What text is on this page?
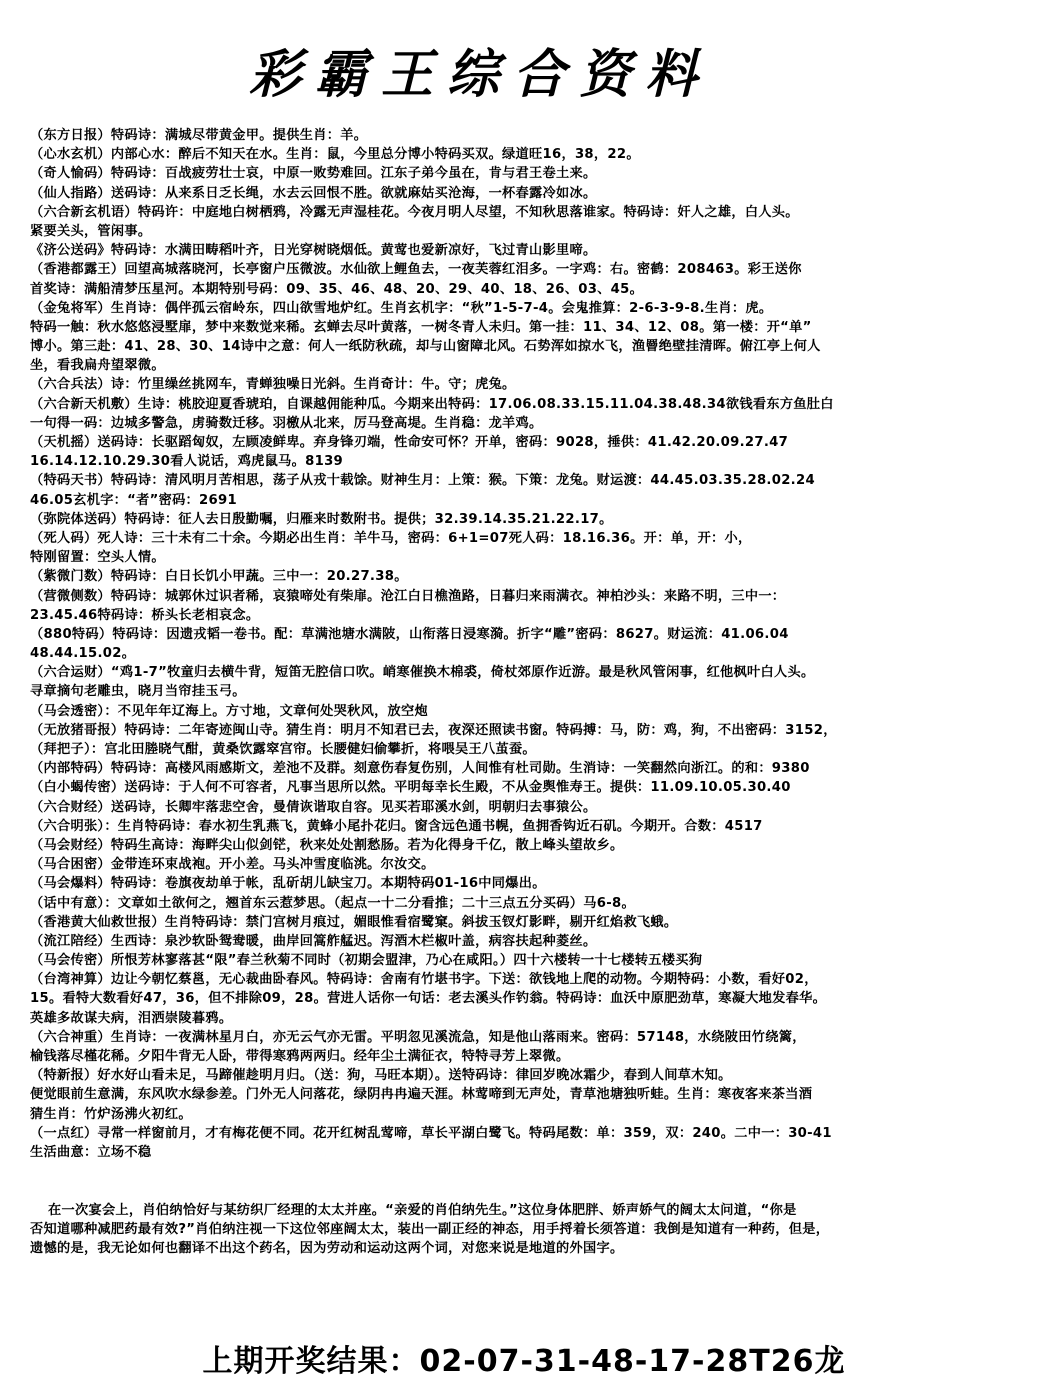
彩霸王综合资料
（东方日报）特码诗：满城尽带黄金甲。提供生肖：羊。
（心水玄机）内部心水：醉后不知天在水。生肖：鼠，今里总分博小特码买双。绿道旺16，38，22。
（奇人愉码）特码诗：百战疲劳壮士哀，中原一败势难回。江东子弟今虽在，肯与君王卷土来。
（仙人指路）送码诗：从来系日乏长绳，水去云回恨不胜。欲就麻姑买沧海，一杯春露冷如冰。
（六合新玄机语）特码许：中庭地白树栖鸦，冷露无声湿桂花。今夜月明人尽望，不知秋思落谁家。特码诗：奸人之雄，白人头。
紧要关头，管闲事。
《济公送码》特码诗：水满田畴稻叶齐，日光穿树晓烟低。黄莺也爱新凉好，飞过青山影里啼。
（香港都露王）回望高城落晓河，长亭窗户压微波。水仙欲上鲤鱼去，一夜芙蓉红泪多。一字鸡：右。密鹤：208463。彩王送你
首奖诗：满船清梦压星河。本期特别号码：09、35、46、48、20、29、40、18、26、03、45。
（金兔将军）生肖诗：偶伴孤云宿岭东，四山欲雪地炉红。生肖玄机字：“秋”1-5-7-4。会鬼推算：2-6-3-9-8.生肖：虎。
特码一触：秋水悠悠浸墅扉，梦中来数觉来稀。玄蝉去尽叶黄落，一树冬青人未归。第一挂：11、34、12、08。第一楼：开“单”
博小。第三赴：41、28、30、14诗中之意：何人一纸防秋疏，却与山窗障北风。石势浑如掠水飞，渔罾绝壁挂清晖。俯江亭上何人
坐，看我扁舟望翠微。
（六合兵法）诗：竹里缲丝挑网车，青蝉独噪日光斜。生肖奇计：牛。守；虎兔。
（六合新天机敷）生诗：桃胶迎夏香琥珀，自课越佣能种瓜。今期来出特码：17.06.08.33.15.11.04.38.48.34欲钱看东方鱼肚白
一句得一码：边城多警急，虏骑数迁移。羽檄从北来，厉马登高堤。生肖稳：龙羊鸡。
（天机摇）送码诗：长驱蹈匈奴，左顾凌鲜卑。弃身锋刃端，性命安可怀？开单，密码：9028，捶供：41.42.20.09.27.47
16.14.12.10.29.30看人说话，鸡虎鼠马。8139
（特码天书）特码诗：清风明月苦相思，荡子从戎十载馀。财神生月：上策：猴。下策：龙兔。财运渡：44.45.03.35.28.02.24
46.05玄机字：“者”密码：2691
（弥院体送码）特码诗：征人去日殷勤嘱，归雁来时数附书。提供；32.39.14.35.21.22.17。
（死人码）死人诗：三十未有二十余。今期必出生肖：羊牛马，密码：6+1=07死人码：18.16.36。开：单，开：小，
特刚留置：空头人情。
（紫微门数）特码诗：白日长饥小甲蔬。三中一：20.27.38。
（营微侧数）特码诗：城郭休过识者稀，哀猿啼处有柴扉。沧江白日樵渔路，日暮归来雨满衣。神柏沙头：来路不明，三中一：
23.45.46特码诗：桥头长老相哀念。
（880特码）特码诗：因遗戎韬一卷书。配：草满池塘水满陂，山衔落日浸寒漪。折字“雕”密码：8627。财运流：41.06.04
48.44.15.02。
（六合运财）“鸡1-7”牧童归去横牛背，短笛无腔信口吹。峭寒催换木棉裘，倚杖郊原作近游。最是秋风管闲事，红他枫叶白人头。
寻章摘句老雕虫，晓月当帘挂玉弓。
（马会透密）：不见年年辽海上。方寸地，文章何处哭秋风，放空炮
（无放猪哥报）特码诗：二年寄迹闽山寺。猜生肖：明月不知君已去，夜深还照读书窗。特码搏：马，防：鸡，狗，不出密码：3152，
（拜把子）：宫北田塍晓气酣，黄桑饮露窣宫帘。长腰健妇偷攀折，将喂吴王八茧蚕。
（内部特码）特码诗：高楼风雨感斯文，差池不及群。刻意伤春复伤别，人间惟有杜司勋。生消诗：一笑翻然向浙江。的和：9380
（白小蝎传密）送码诗：于人何不可容者，凡事当思所以然。平明每幸长生殿，不从金舆惟寿王。提供：11.09.10.05.30.40
（六合财经）送码诗，长卿牢落悲空舍，曼倩诙谐取自容。见买若耶溪水剑，明朝归去事猿公。
（六合明张）：生肖特码诗：春水初生乳燕飞，黄蜂小尾扑花归。窗含远色通书幌，鱼拥香钩近石矶。今期开。合数：4517
（马会财经）特码生高诗：海畔尖山似剑铓，秋来处处割愁肠。若为化得身千亿，散上峰头望故乡。
（马合困密）金带连环束战袍。开小差。马头冲雪度临洮。尔汝交。
（马会爆料）特码诗：卷旗夜劫单于帐，乱斫胡儿缺宝刀。本期特码01-16中同爆出。
（话中有意）：文章如土欲何之，翘首东云惹梦思。（起点一十二分看推；二十三点五分买码）马6-8。
（香港黄大仙救世报）生肖特码诗：禁门宫树月痕过，媚眼惟看宿鹭窠。斜拔玉钗灯影畔，剔开红焰救飞蛾。
（流江陪经）生西诗：泉沙软卧鸳鸯暖，曲岸回篙舴艋迟。泻酒木栏椒叶盖，病容扶起种菱丝。
（马会传密）所恨芳林寥落甚“限”春兰秋菊不同时（初期会盟津，乃心在咸阳。）四十六楼转一十七楼转五楼买狗
（台湾神算）边让今朝忆蔡邕，无心裁曲卧春风。特码诗：舍南有竹堪书字。下送：欲钱地上爬的动物。今期特码：小数，看好02，
15。看特大数看好47，36，但不排除09，28。营进人话你一句话：老去溪头作钓翁。特码诗：血沃中原肥劲草，寒凝大地发春华。
英雄多故谋夫病，泪洒崇陵暮鸦。
（六合神重）生肖诗：一夜满林星月白，亦无云气亦无雷。平明忽见溪流急，知是他山落雨来。密码：57148，水绕陂田竹绕篱，
榆钱落尽槿花稀。夕阳牛背无人卧，带得寒鸦两两归。经年尘土满征衣，特特寻芳上翠微。
（特新报）好水好山看未足，马蹄催趁明月归。（送：狗，马旺本期）。送特码诗：律回岁晚冰霜少，春到人间草木知。
便觉眼前生意满，东风吹水绿参差。门外无人问落花，绿阴冉冉遍天涯。林莺啼到无声处，青草池塘独听蛙。生肖：寒夜客来茶当酒
猜生肖：竹炉汤沸火初红。
（一点红）寻常一样窗前月，才有梅花便不同。花开红树乱莺啼，草长平湖白鹭飞。特码尾数：单：359，双：240。二中一：30-41
生活曲意：立场不稳
在一次宴会上，肖伯纳恰好与某纺织厂经理的太太并座。“亲爱的肖伯纳先生。”这位身体肥胖、娇声娇气的阔太太问道，“你是
否知道哪种减肥药最有效?”肖伯纳注视一下这位邻座阔太太，装出一副正经的神态，用手捋着长须答道：我倒是知道有一种药，但是，
遗憾的是，我无论如何也翻译不出这个药名，因为劳动和运动这两个词，对您来说是地道的外国字。
上期开奖结果：02-07-31-48-17-28T26龙
